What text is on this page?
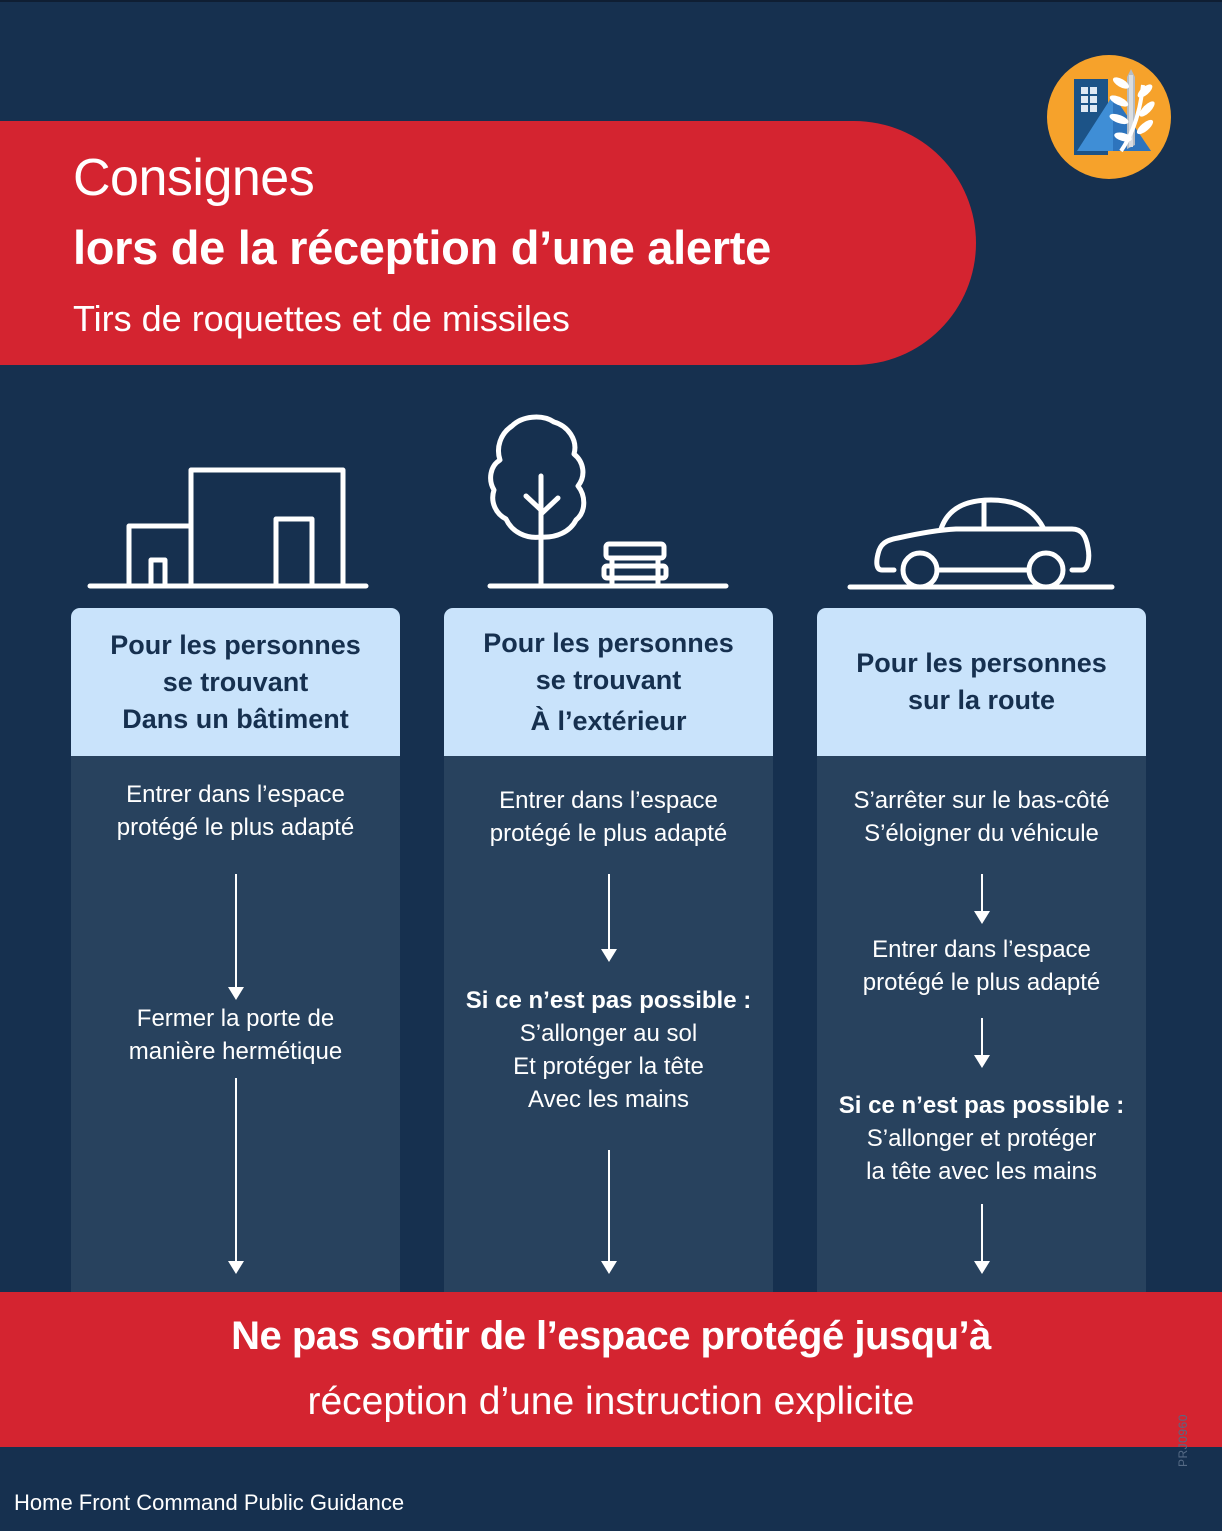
Consignes
lors de la réception d’une alerte
Tirs de roquettes et de missiles
Pour les personnes
se trouvant
Dans un bâtiment
Entrer dans l’espace
protégé le plus adapté
Fermer la porte de
manière hermétique
Pour les personnes
se trouvant
À l’extérieur
Entrer dans l’espace
protégé le plus adapté
Si ce n’est pas possible :
S’allonger au sol
Et protéger la tête
Avec les mains
Pour les personnes
sur la route
S’arrêter sur le bas-côté
S’éloigner du véhicule
Entrer dans l’espace
protégé le plus adapté
Si ce n’est pas possible :
S’allonger et protéger
la tête avec les mains
Ne pas sortir de l’espace protégé jusqu’à
réception d’une instruction explicite
Home Front Command Public Guidance
PRJ0960
